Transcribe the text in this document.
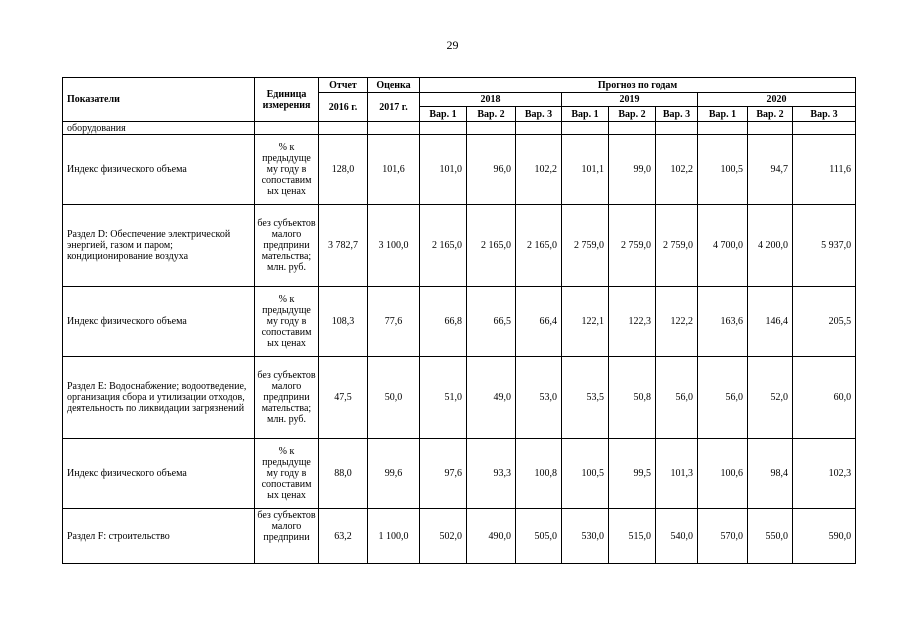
29
Показатели	Единица измерения	Отчет	Оценка	Прогноз по годам								
		2016 г.	2017 г.	2018			2019			2020		
				Вар. 1	Вар. 2	Вар. 3	Вар. 1	Вар. 2	Вар. 3	Вар. 1	Вар. 2	Вар. 3
оборудования												
Индекс физического объема	% к предыдуще му году в сопоставим ых ценах	128,0	101,6	101,0	96,0	102,2	101,1	99,0	102,2	100,5	94,7	111,6
Раздел D: Обеспечение электрической энергией, газом и паром; кондиционирование воздуха	без субъектов малого предприни мательства; млн. руб.	3 782,7	3 100,0	2 165,0	2 165,0	2 165,0	2 759,0	2 759,0	2 759,0	4 700,0	4 200,0	5 937,0
Индекс физического объема	% к предыдуще му году в сопоставим ых ценах	108,3	77,6	66,8	66,5	66,4	122,1	122,3	122,2	163,6	146,4	205,5
Раздел E: Водоснабжение; водоотведение, организация сбора и утилизации отходов, деятельность по ликвидации загрязнений	без субъектов малого предприни мательства; млн. руб.	47,5	50,0	51,0	49,0	53,0	53,5	50,8	56,0	56,0	52,0	60,0
Индекс физического объема	% к предыдуще му году в сопоставим ых ценах	88,0	99,6	97,6	93,3	100,8	100,5	99,5	101,3	100,6	98,4	102,3
Раздел F: строительство	без субъектов малого предприни	63,2	1 100,0	502,0	490,0	505,0	530,0	515,0	540,0	570,0	550,0	590,0
